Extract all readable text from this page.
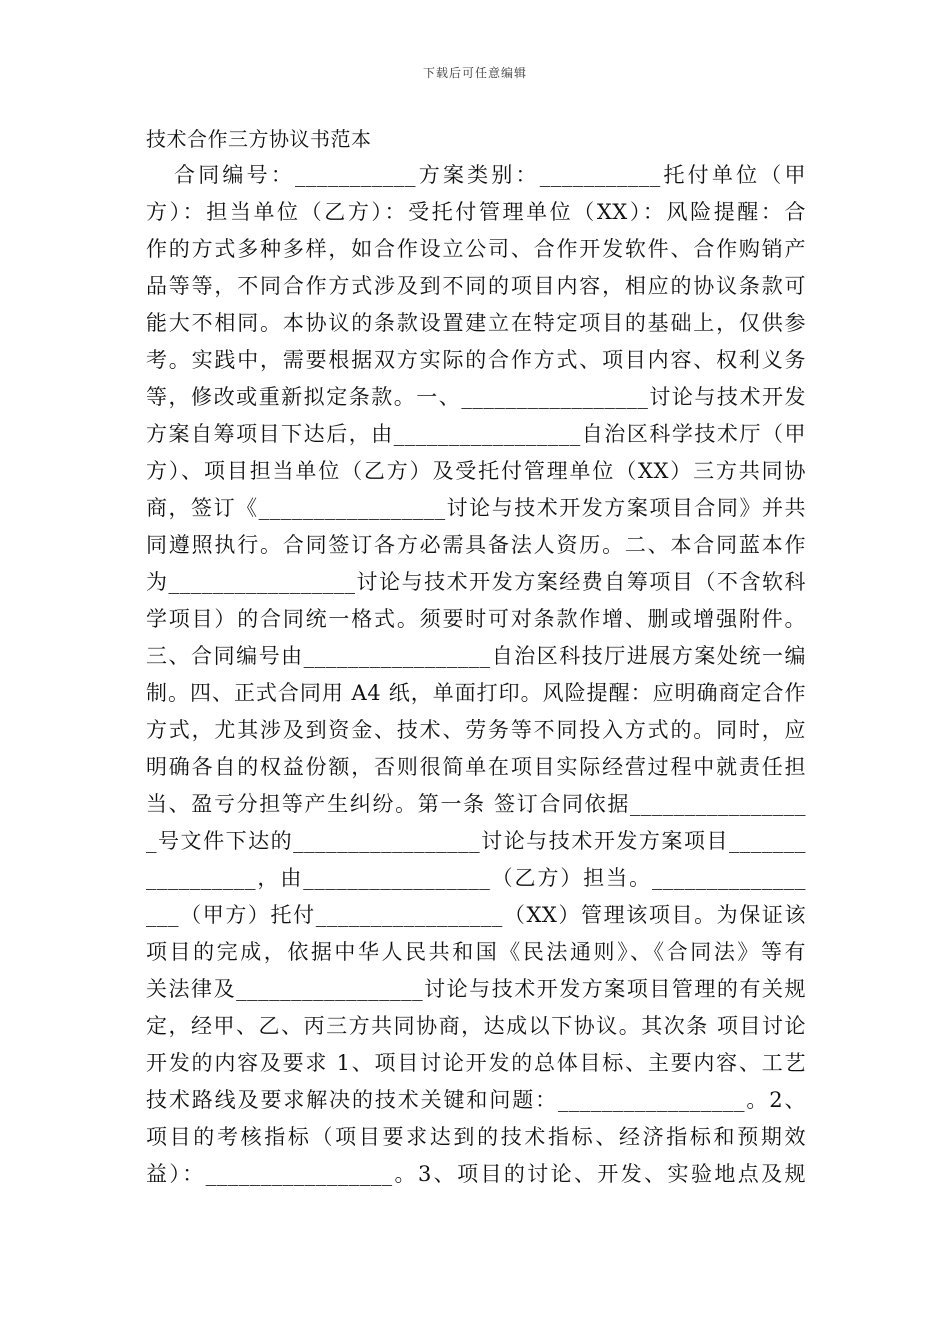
下载后可任意编辑
技术合作三方协议书范本
合同编号：___________方案类别：___________托付单位（甲
方）：担当单位（乙方）：受托付管理单位（XX）：风险提醒：合
作的方式多种多样，如合作设立公司、合作开发软件、合作购销产
品等等，不同合作方式涉及到不同的项目内容，相应的协议条款可
能大不相同。本协议的条款设置建立在特定项目的基础上，仅供参
考。实践中，需要根据双方实际的合作方式、项目内容、权利义务
等，修改或重新拟定条款。一、_________________讨论与技术开发
方案自筹项目下达后，由_________________自治区科学技术厅（甲
方）、项目担当单位（乙方）及受托付管理单位（XX）三方共同协
商，签订《_________________讨论与技术开发方案项目合同》并共
同遵照执行。合同签订各方必需具备法人资历。二、本合同蓝本作
为_________________讨论与技术开发方案经费自筹项目（不含软科
学项目）的合同统一格式。须要时可对条款作增、删或增强附件。
三、合同编号由_________________自治区科技厅进展方案处统一编
制。四、正式合同用 A4 纸，单面打印。风险提醒：应明确商定合作
方式，尤其涉及到资金、技术、劳务等不同投入方式的。同时，应
明确各自的权益份额，否则很简单在项目实际经营过程中就责任担
当、盈亏分担等产生纠纷。第一条 签订合同依据________________
_号文件下达的_________________讨论与技术开发方案项目_______
__________，由_________________（乙方）担当。______________
___（甲方）托付_________________（XX）管理该项目。为保证该
项目的完成，依据中华人民共和国《民法通则》、《合同法》等有
关法律及_________________讨论与技术开发方案项目管理的有关规
定，经甲、乙、丙三方共同协商，达成以下协议。其次条 项目讨论
开发的内容及要求 1、项目讨论开发的总体目标、主要内容、工艺
技术路线及要求解决的技术关键和问题：_________________。2、
项目的考核指标（项目要求达到的技术指标、经济指标和预期效
益）：_________________。3、项目的讨论、开发、实验地点及规
